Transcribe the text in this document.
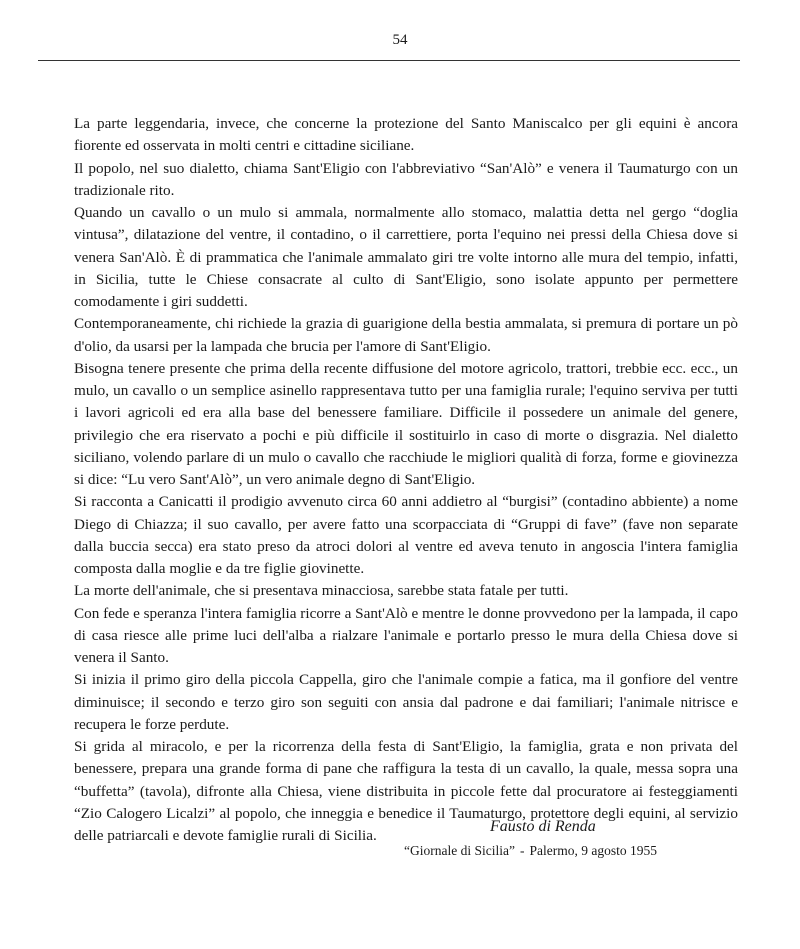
54

La parte leggendaria, invece, che concerne la protezione del Santo Maniscalco per gli equini è ancora fiorente ed osservata in molti centri e cittadine siciliane.

Il popolo, nel suo dialetto, chiama Sant'Eligio con l'abbreviativo “San'Alò” e venera il Taumaturgo con un tradizionale rito.

Quando un cavallo o un mulo si ammala, normalmente allo stomaco, malattia detta nel gergo “doglia vintusa”, dilatazione del ventre, il contadino, o il carrettiere, porta l'equino nei pressi della Chiesa dove si venera San'Alò. È di prammatica che l'animale ammalato giri tre volte intorno alle mura del tempio, infatti, in Sicilia, tutte le Chiese consacrate al culto di Sant'Eligio, sono isolate appunto per permettere comodamente i giri suddetti.

Contemporaneamente, chi richiede la grazia di guarigione della bestia ammalata, si premura di portare un pò d'olio, da usarsi per la lampada che brucia per l'amore di Sant'Eligio.

Bisogna tenere presente che prima della recente diffusione del motore agricolo, trattori, trebbie ecc. ecc., un mulo, un cavallo o un semplice asinello rappresentava tutto per una famiglia rurale; l'equino serviva per tutti i lavori agricoli ed era alla base del benessere familiare. Difficile il possedere un animale del genere, privilegio che era riservato a pochi e più difficile il sostituirlo in caso di morte o disgrazia. Nel dialetto siciliano, volendo parlare di un mulo o cavallo che racchiude le migliori qualità di forza, forme e giovinezza si dice: “Lu vero Sant'Alò”, un vero animale degno di Sant'Eligio.

Si racconta a Canicatti il prodigio avvenuto circa 60 anni addietro al “burgisi” (contadino abbiente) a nome Diego di Chiazza; il suo cavallo, per avere fatto una scorpacciata di “Gruppi di fave” (fave non separate dalla buccia secca) era stato preso da atroci dolori al ventre ed aveva tenuto in angoscia l'intera famiglia composta dalla moglie e da tre figlie giovinette.

La morte dell'animale, che si presentava minacciosa, sarebbe stata fatale per tutti.

Con fede e speranza l'intera famiglia ricorre a Sant'Alò e mentre le donne provvedono per la lampada, il capo di casa riesce alle prime luci dell'alba a rialzare l'animale e portarlo presso le mura della Chiesa dove si venera il Santo.

Si inizia il primo giro della piccola Cappella, giro che l'animale compie a fatica, ma il gonfiore del ventre diminuisce; il secondo e terzo giro son seguiti con ansia dal padrone e dai familiari; l'animale nitrisce e recupera le forze perdute.

Si grida al miracolo, e per la ricorrenza della festa di Sant'Eligio, la famiglia, grata e non privata del benessere, prepara una grande forma di pane che raffigura la testa di un cavallo, la quale, messa sopra una “buffetta” (tavola), difronte alla Chiesa, viene distribuita in piccole fette dal procuratore ai festeggiamenti “Zio Calogero Licalzi” al popolo, che inneggia e benedice il Taumaturgo, protettore degli equini, al servizio delle patriarcali e devote famiglie rurali di Sicilia.

Fausto di Renda
“Giornale di Sicilia” - Palermo, 9 agosto 1955
